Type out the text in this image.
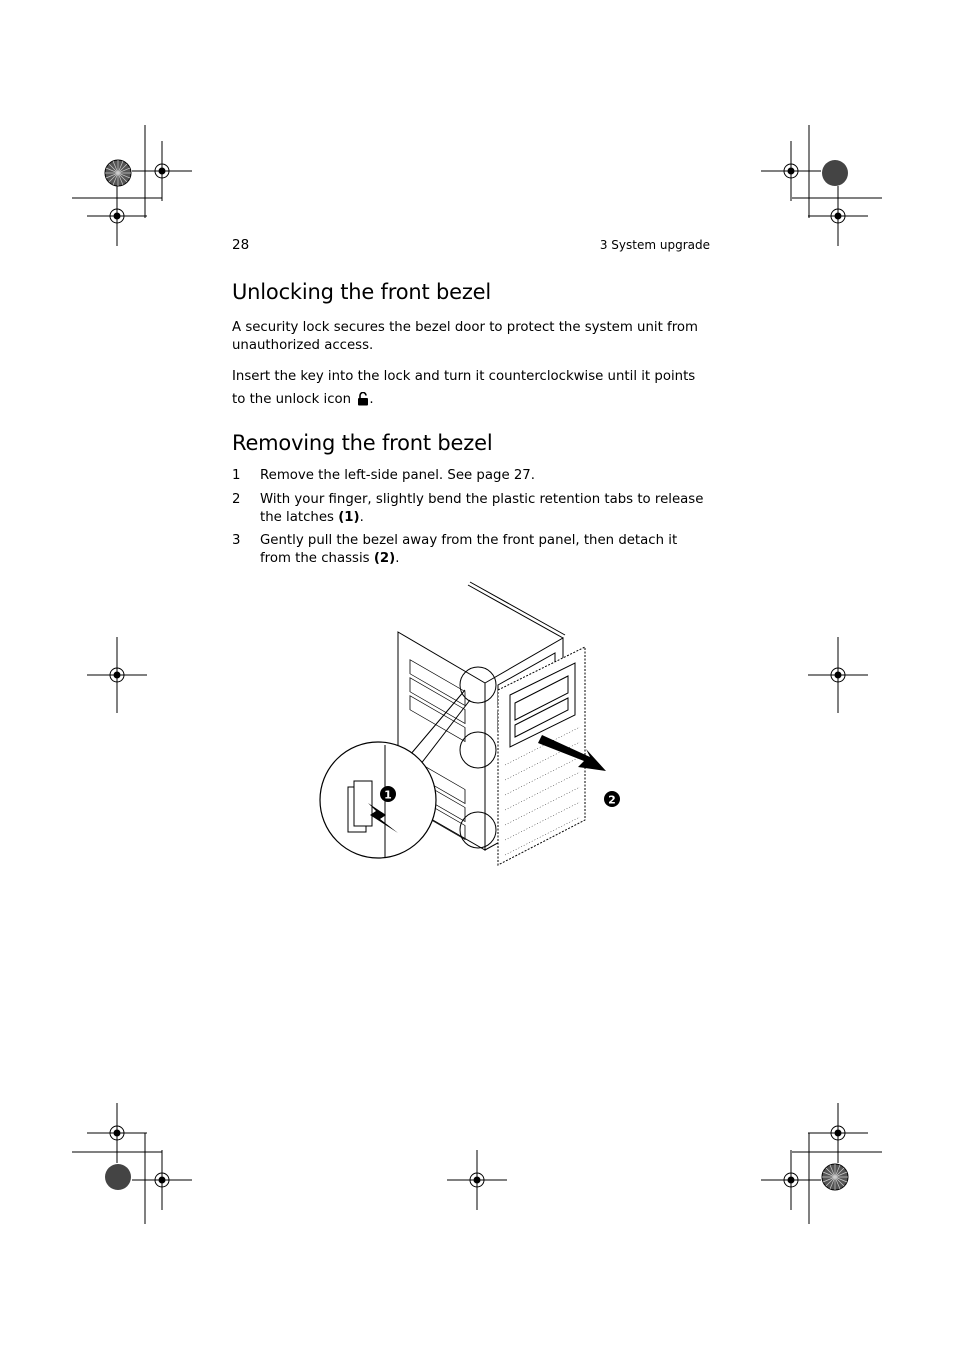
28	3 System upgrade
Unlocking the front bezel

A security lock secures the bezel door to protect the system unit from unauthorized access.

Insert the key into the lock and turn it counterclockwise until it points to the unlock icon .

Removing the front bezel
1 Remove the left-side panel. See page 27.
2 With your finger, slightly bend the plastic retention tabs to release the latches (1).
3 Gently pull the bezel away from the front panel, then detach it from the chassis (2).
1	2
